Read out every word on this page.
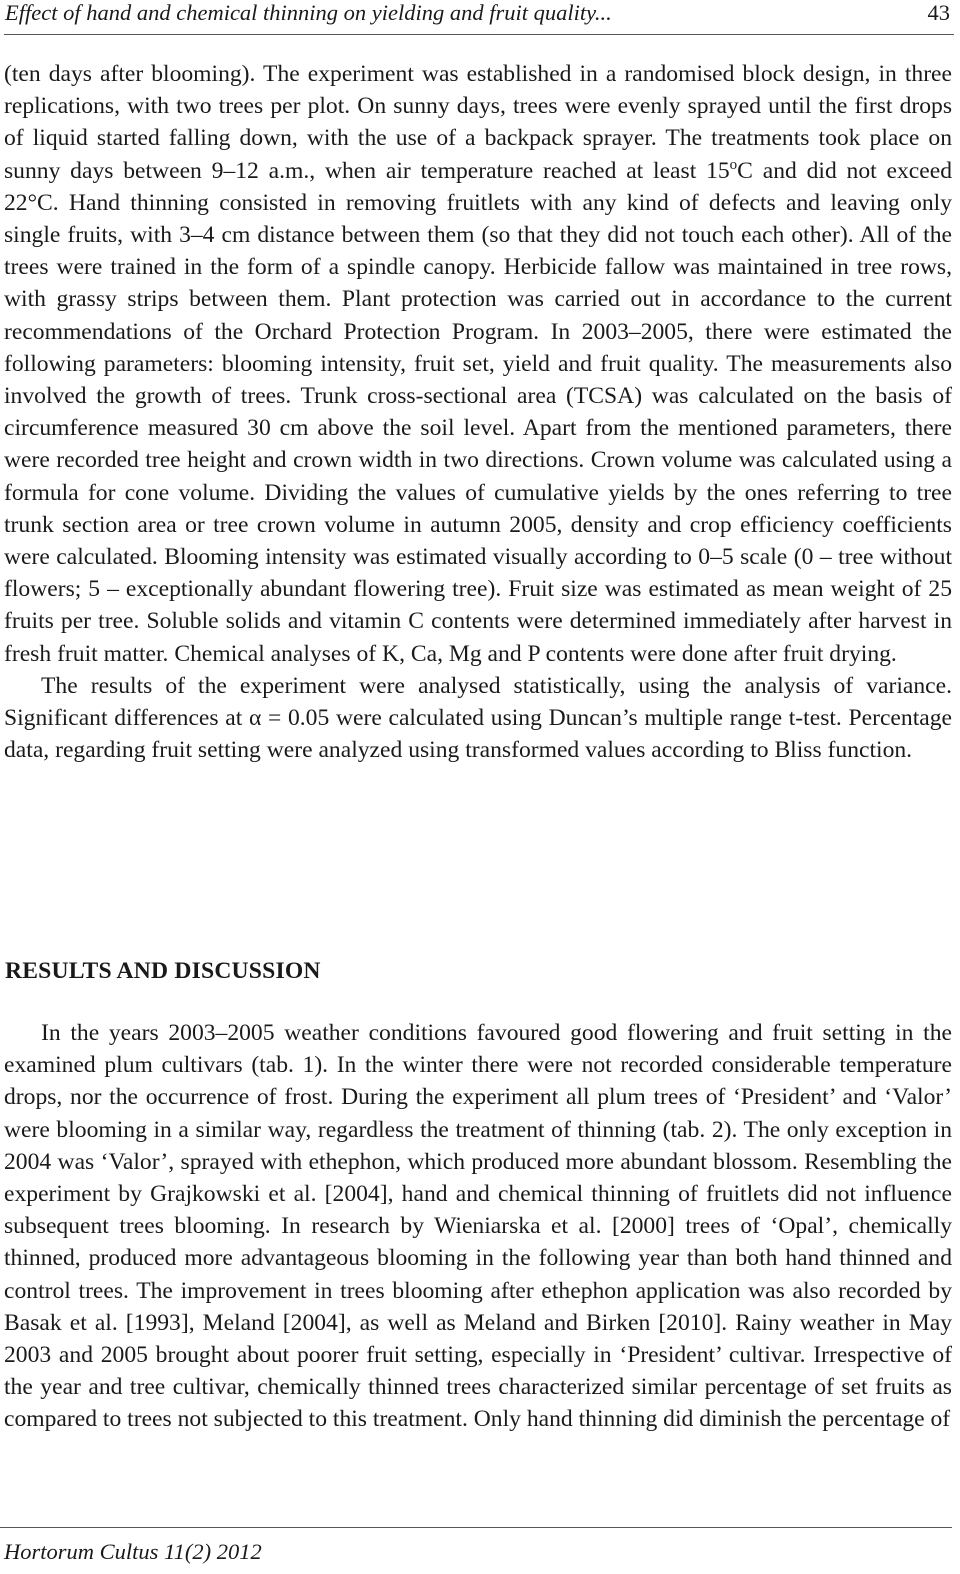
Effect of hand and chemical thinning on yielding and fruit quality...	43

(ten days after blooming). The experiment was established in a randomised block design, in three replications, with two trees per plot. On sunny days, trees were evenly sprayed until the first drops of liquid started falling down, with the use of a backpack sprayer. The treatments took place on sunny days between 9–12 a.m., when air temperature reached at least 15$^o$C and did not exceed 22°C. Hand thinning consisted in removing fruitlets with any kind of defects and leaving only single fruits, with 3–4 cm distance between them (so that they did not touch each other). All of the trees were trained in the form of a spindle canopy. Herbicide fallow was maintained in tree rows, with grassy strips between them. Plant protection was carried out in accordance to the current recommendations of the Orchard Protection Program. In 2003–2005, there were estimated the following parameters: blooming intensity, fruit set, yield and fruit quality. The measurements also involved the growth of trees. Trunk cross-sectional area (TCSA) was calculated on the basis of circumference measured 30 cm above the soil level. Apart from the mentioned parameters, there were recorded tree height and crown width in two directions. Crown volume was calculated using a formula for cone volume. Dividing the values of cumulative yields by the ones referring to tree trunk section area or tree crown volume in autumn 2005, density and crop efficiency coefficients were calculated. Blooming intensity was estimated visually according to 0–5 scale (0 – tree without flowers; 5 – exceptionally abundant flowering tree). Fruit size was estimated as mean weight of 25 fruits per tree. Soluble solids and vitamin C contents were determined immediately after harvest in fresh fruit matter. Chemical analyses of K, Ca, Mg and P contents were done after fruit drying.

The results of the experiment were analysed statistically, using the analysis of variance. Significant differences at α = 0.05 were calculated using Duncan’s multiple range t-test. Percentage data, regarding fruit setting were analyzed using transformed values according to Bliss function.

RESULTS AND DISCUSSION

In the years 2003–2005 weather conditions favoured good flowering and fruit setting in the examined plum cultivars (tab. 1). In the winter there were not recorded considerable temperature drops, nor the occurrence of frost. During the experiment all plum trees of ‘President’ and ‘Valor’ were blooming in a similar way, regardless the treatment of thinning (tab. 2). The only exception in 2004 was ‘Valor’, sprayed with ethephon, which produced more abundant blossom. Resembling the experiment by Grajkowski et al. [2004], hand and chemical thinning of fruitlets did not influence subsequent trees blooming. In research by Wieniarska et al. [2000] trees of ‘Opal’, chemically thinned, produced more advantageous blooming in the following year than both hand thinned and control trees. The improvement in trees blooming after ethephon application was also recorded by Basak et al. [1993], Meland [2004], as well as Meland and Birken [2010]. Rainy weather in May 2003 and 2005 brought about poorer fruit setting, especially in ‘President’ cultivar. Irrespective of the year and tree cultivar, chemically thinned trees characterized similar percentage of set fruits as compared to trees not subjected to this treatment. Only hand thinning did diminish the percentage of

Hortorum Cultus 11(2) 2012
